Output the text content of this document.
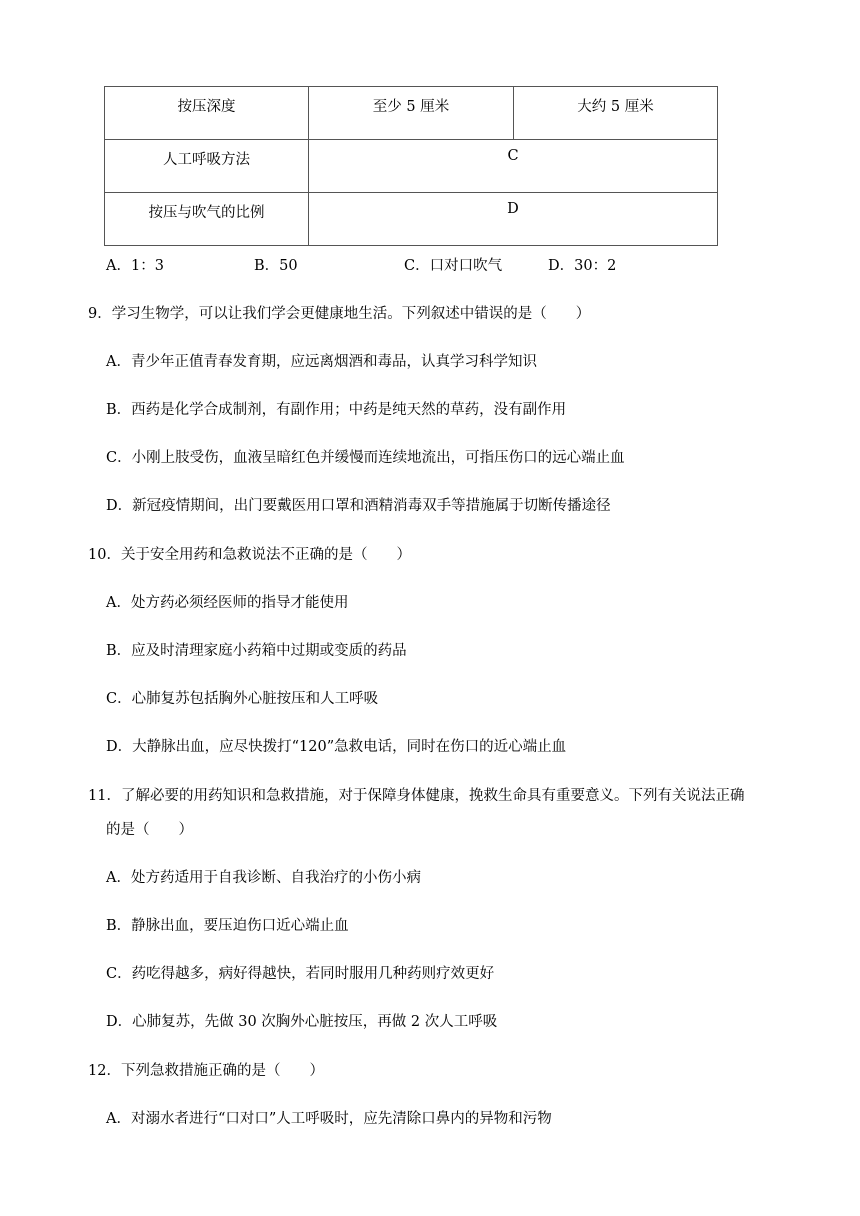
按压深度	至少 5 厘米	大约 5 厘米
人工呼吸方法	C	
按压与吹气的比例	D	
A．1：3	B．50	C．口对口吹气	D．30：2
9．学习生物学，可以让我们学会更健康地生活。下列叙述中错误的是（　　）
A．青少年正值青春发育期，应远离烟酒和毒品，认真学习科学知识
B．西药是化学合成制剂，有副作用；中药是纯天然的草药，没有副作用
C．小刚上肢受伤，血液呈暗红色并缓慢而连续地流出，可指压伤口的远心端止血
D．新冠疫情期间，出门要戴医用口罩和酒精消毒双手等措施属于切断传播途径
10．关于安全用药和急救说法不正确的是（　　）
A．处方药必须经医师的指导才能使用
B．应及时清理家庭小药箱中过期或变质的药品
C．心肺复苏包括胸外心脏按压和人工呼吸
D．大静脉出血，应尽快拨打“120”急救电话，同时在伤口的近心端止血
11．了解必要的用药知识和急救措施，对于保障身体健康，挽救生命具有重要意义。下列有关说法正确
的是（　　）
A．处方药适用于自我诊断、自我治疗的小伤小病
B．静脉出血，要压迫伤口近心端止血
C．药吃得越多，病好得越快，若同时服用几种药则疗效更好
D．心肺复苏，先做 30 次胸外心脏按压，再做 2 次人工呼吸
12．下列急救措施正确的是（　　）
A．对溺水者进行“口对口”人工呼吸时，应先清除口鼻内的异物和污物
